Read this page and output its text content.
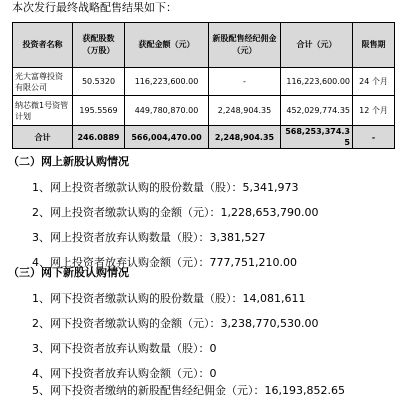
本次发行最终战略配售结果如下：
投资者名称	获配股数（万股）	获配金额（元）	新股配售经纪佣金（元）	合计（元）	限售期
光大富尊投资有限公司	50.5320	116,223,600.00	-	116,223,600.00	24 个月
纳芯微1号资管计划	195.5569	449,780,870.00	2,248,904.35	452,029,774.35	12 个月
合计	246.0889	566,004,470.00	2,248,904.35	568,253,374.35	-
（二）网上新股认购情况
1、网上投资者缴款认购的股份数量（股）：5,341,973
2、网上投资者缴款认购的金额（元）：1,228,653,790.00
3、网上投资者放弃认购数量（股）：3,381,527
4、网上投资者放弃认购金额（元）：777,751,210.00
（三）网下新股认购情况
1、网下投资者缴款认购的股份数量（股）：14,081,611
2、网下投资者缴款认购的金额（元）：3,238,770,530.00
3、网下投资者放弃认购数量（股）：0
4、网下投资者放弃认购金额（元）：0
5、网下投资者缴纳的新股配售经纪佣金（元）：16,193,852.65
